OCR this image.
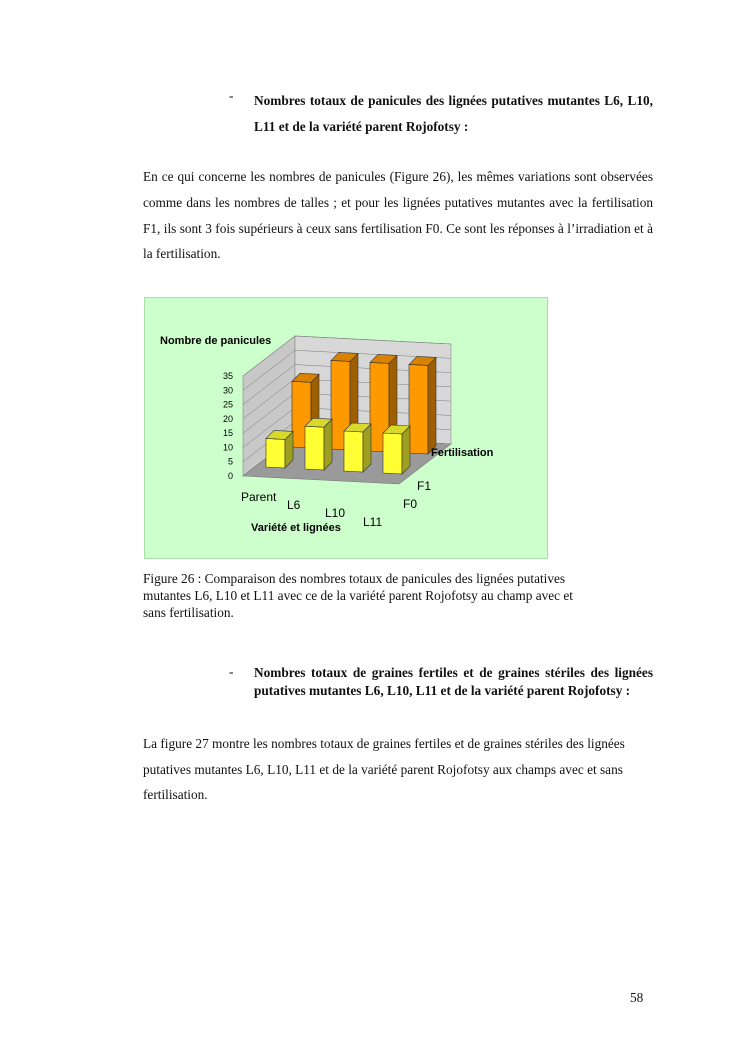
- Nombres totaux de panicules des lignées putatives mutantes L6, L10, L11 et de la variété parent Rojofotsy :
En ce qui concerne les nombres de panicules (Figure 26), les mêmes variations sont observées comme dans les nombres de talles ; et pour les lignées putatives mutantes avec la fertilisation F1, ils sont 3 fois supérieurs à ceux sans fertilisation F0. Ce sont les réponses à l’irradiation et à la fertilisation.
0
5
10
15
20
25
30
35
Parent
L6
L10
L11
F1
F0
Nombre de panicules
Variété et lignées
Fertilisation
Figure 26 : Comparaison des nombres totaux de panicules des lignées putatives mutantes L6, L10 et L11 avec ce de la variété parent Rojofotsy au champ avec et sans fertilisation.
- Nombres totaux de graines fertiles et de graines stériles des lignées putatives mutantes L6, L10, L11 et de la variété parent Rojofotsy :
La figure 27 montre les nombres totaux de graines fertiles et de graines stériles des lignées putatives mutantes L6, L10, L11 et de la variété parent Rojofotsy aux champs avec et sans fertilisation.
58
